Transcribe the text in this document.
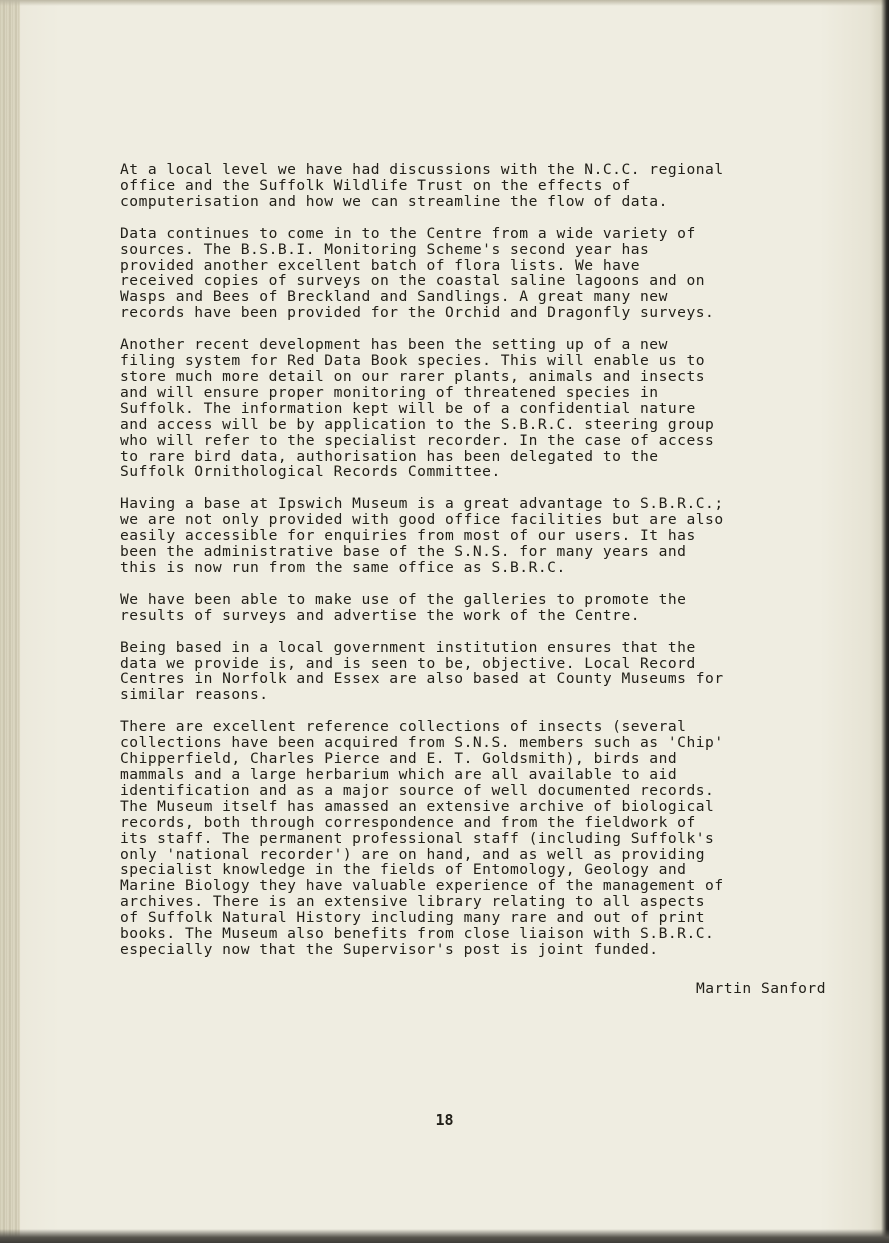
At a local level we have had discussions with the N.C.C. regional
office and the Suffolk Wildlife Trust on the effects of
computerisation and how we can streamline the flow of data.

Data continues to come in to the Centre from a wide variety of
sources. The B.S.B.I. Monitoring Scheme's second year has
provided another excellent batch of flora lists. We have
received copies of surveys on the coastal saline lagoons and on
Wasps and Bees of Breckland and Sandlings. A great many new
records have been provided for the Orchid and Dragonfly surveys.

Another recent development has been the setting up of a new
filing system for Red Data Book species. This will enable us to
store much more detail on our rarer plants, animals and insects
and will ensure proper monitoring of threatened species in
Suffolk. The information kept will be of a confidential nature
and access will be by application to the S.B.R.C. steering group
who will refer to the specialist recorder. In the case of access
to rare bird data, authorisation has been delegated to the
Suffolk Ornithological Records Committee.

Having a base at Ipswich Museum is a great advantage to S.B.R.C.;
we are not only provided with good office facilities but are also
easily accessible for enquiries from most of our users. It has
been the administrative base of the S.N.S. for many years and
this is now run from the same office as S.B.R.C.

We have been able to make use of the galleries to promote the
results of surveys and advertise the work of the Centre.

Being based in a local government institution ensures that the
data we provide is, and is seen to be, objective. Local Record
Centres in Norfolk and Essex are also based at County Museums for
similar reasons.

There are excellent reference collections of insects (several
collections have been acquired from S.N.S. members such as 'Chip'
Chipperfield, Charles Pierce and E. T. Goldsmith), birds and
mammals and a large herbarium which are all available to aid
identification and as a major source of well documented records.
The Museum itself has amassed an extensive archive of biological
records, both through correspondence and from the fieldwork of
its staff. The permanent professional staff (including Suffolk's
only 'national recorder') are on hand, and as well as providing
specialist knowledge in the fields of Entomology, Geology and
Marine Biology they have valuable experience of the management of
archives. There is an extensive library relating to all aspects
of Suffolk Natural History including many rare and out of print
books. The Museum also benefits from close liaison with S.B.R.C.
especially now that the Supervisor's post is joint funded.

Martin Sanford
18
